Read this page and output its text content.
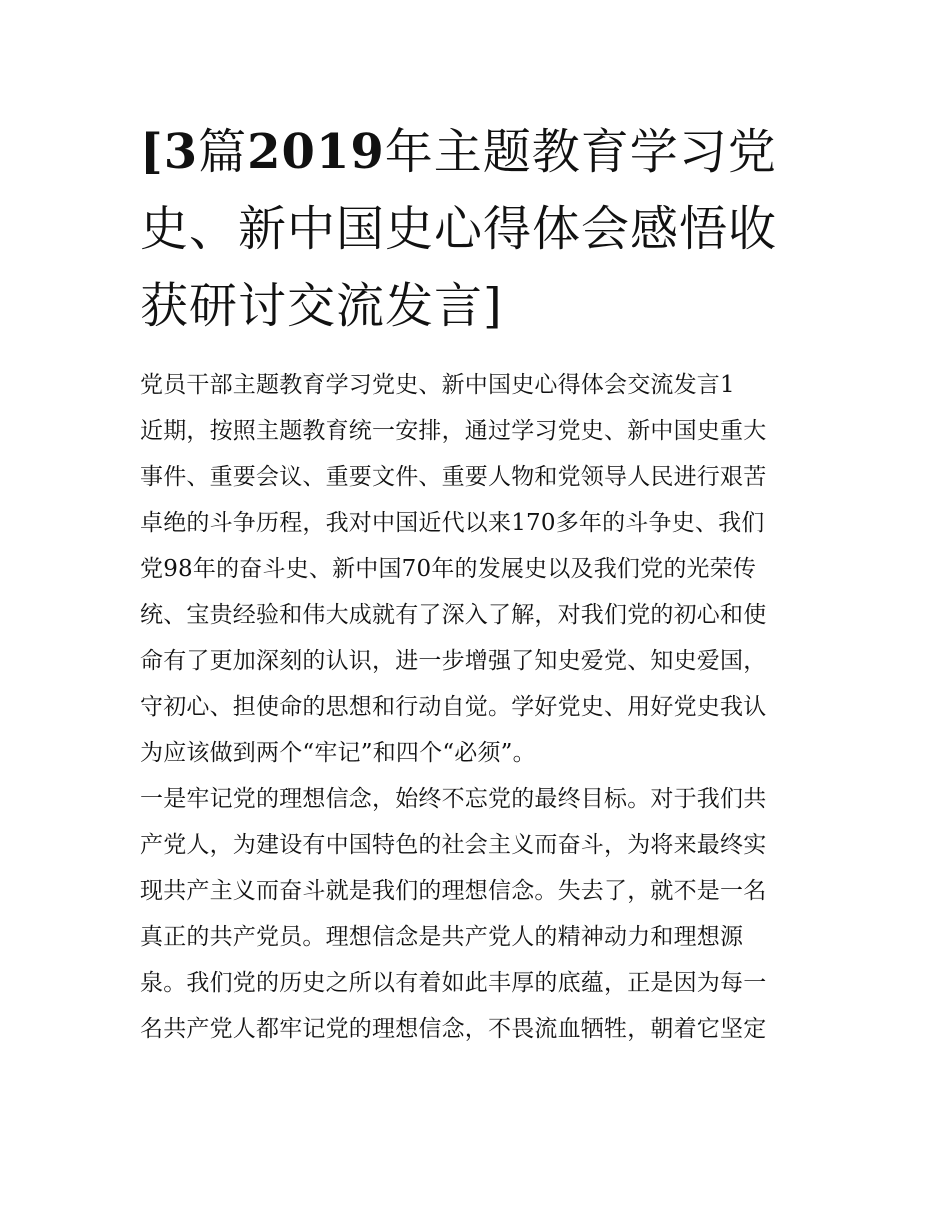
[3篇2019年主题教育学习党
史、新中国史心得体会感悟收
获研讨交流发言]
党员干部主题教育学习党史、新中国史心得体会交流发言1
近期，按照主题教育统一安排，通过学习党史、新中国史重大
事件、重要会议、重要文件、重要人物和党领导人民进行艰苦
卓绝的斗争历程，我对中国近代以来170多年的斗争史、我们
党98年的奋斗史、新中国70年的发展史以及我们党的光荣传
统、宝贵经验和伟大成就有了深入了解，对我们党的初心和使
命有了更加深刻的认识，进一步增强了知史爱党、知史爱国，
守初心、担使命的思想和行动自觉。学好党史、用好党史我认
为应该做到两个“牢记”和四个“必须”。
一是牢记党的理想信念，始终不忘党的最终目标。对于我们共
产党人，为建设有中国特色的社会主义而奋斗，为将来最终实
现共产主义而奋斗就是我们的理想信念。失去了，就不是一名
真正的共产党员。理想信念是共产党人的精神动力和理想源
泉。我们党的历史之所以有着如此丰厚的底蕴，正是因为每一
名共产党人都牢记党的理想信念，不畏流血牺牲，朝着它坚定
